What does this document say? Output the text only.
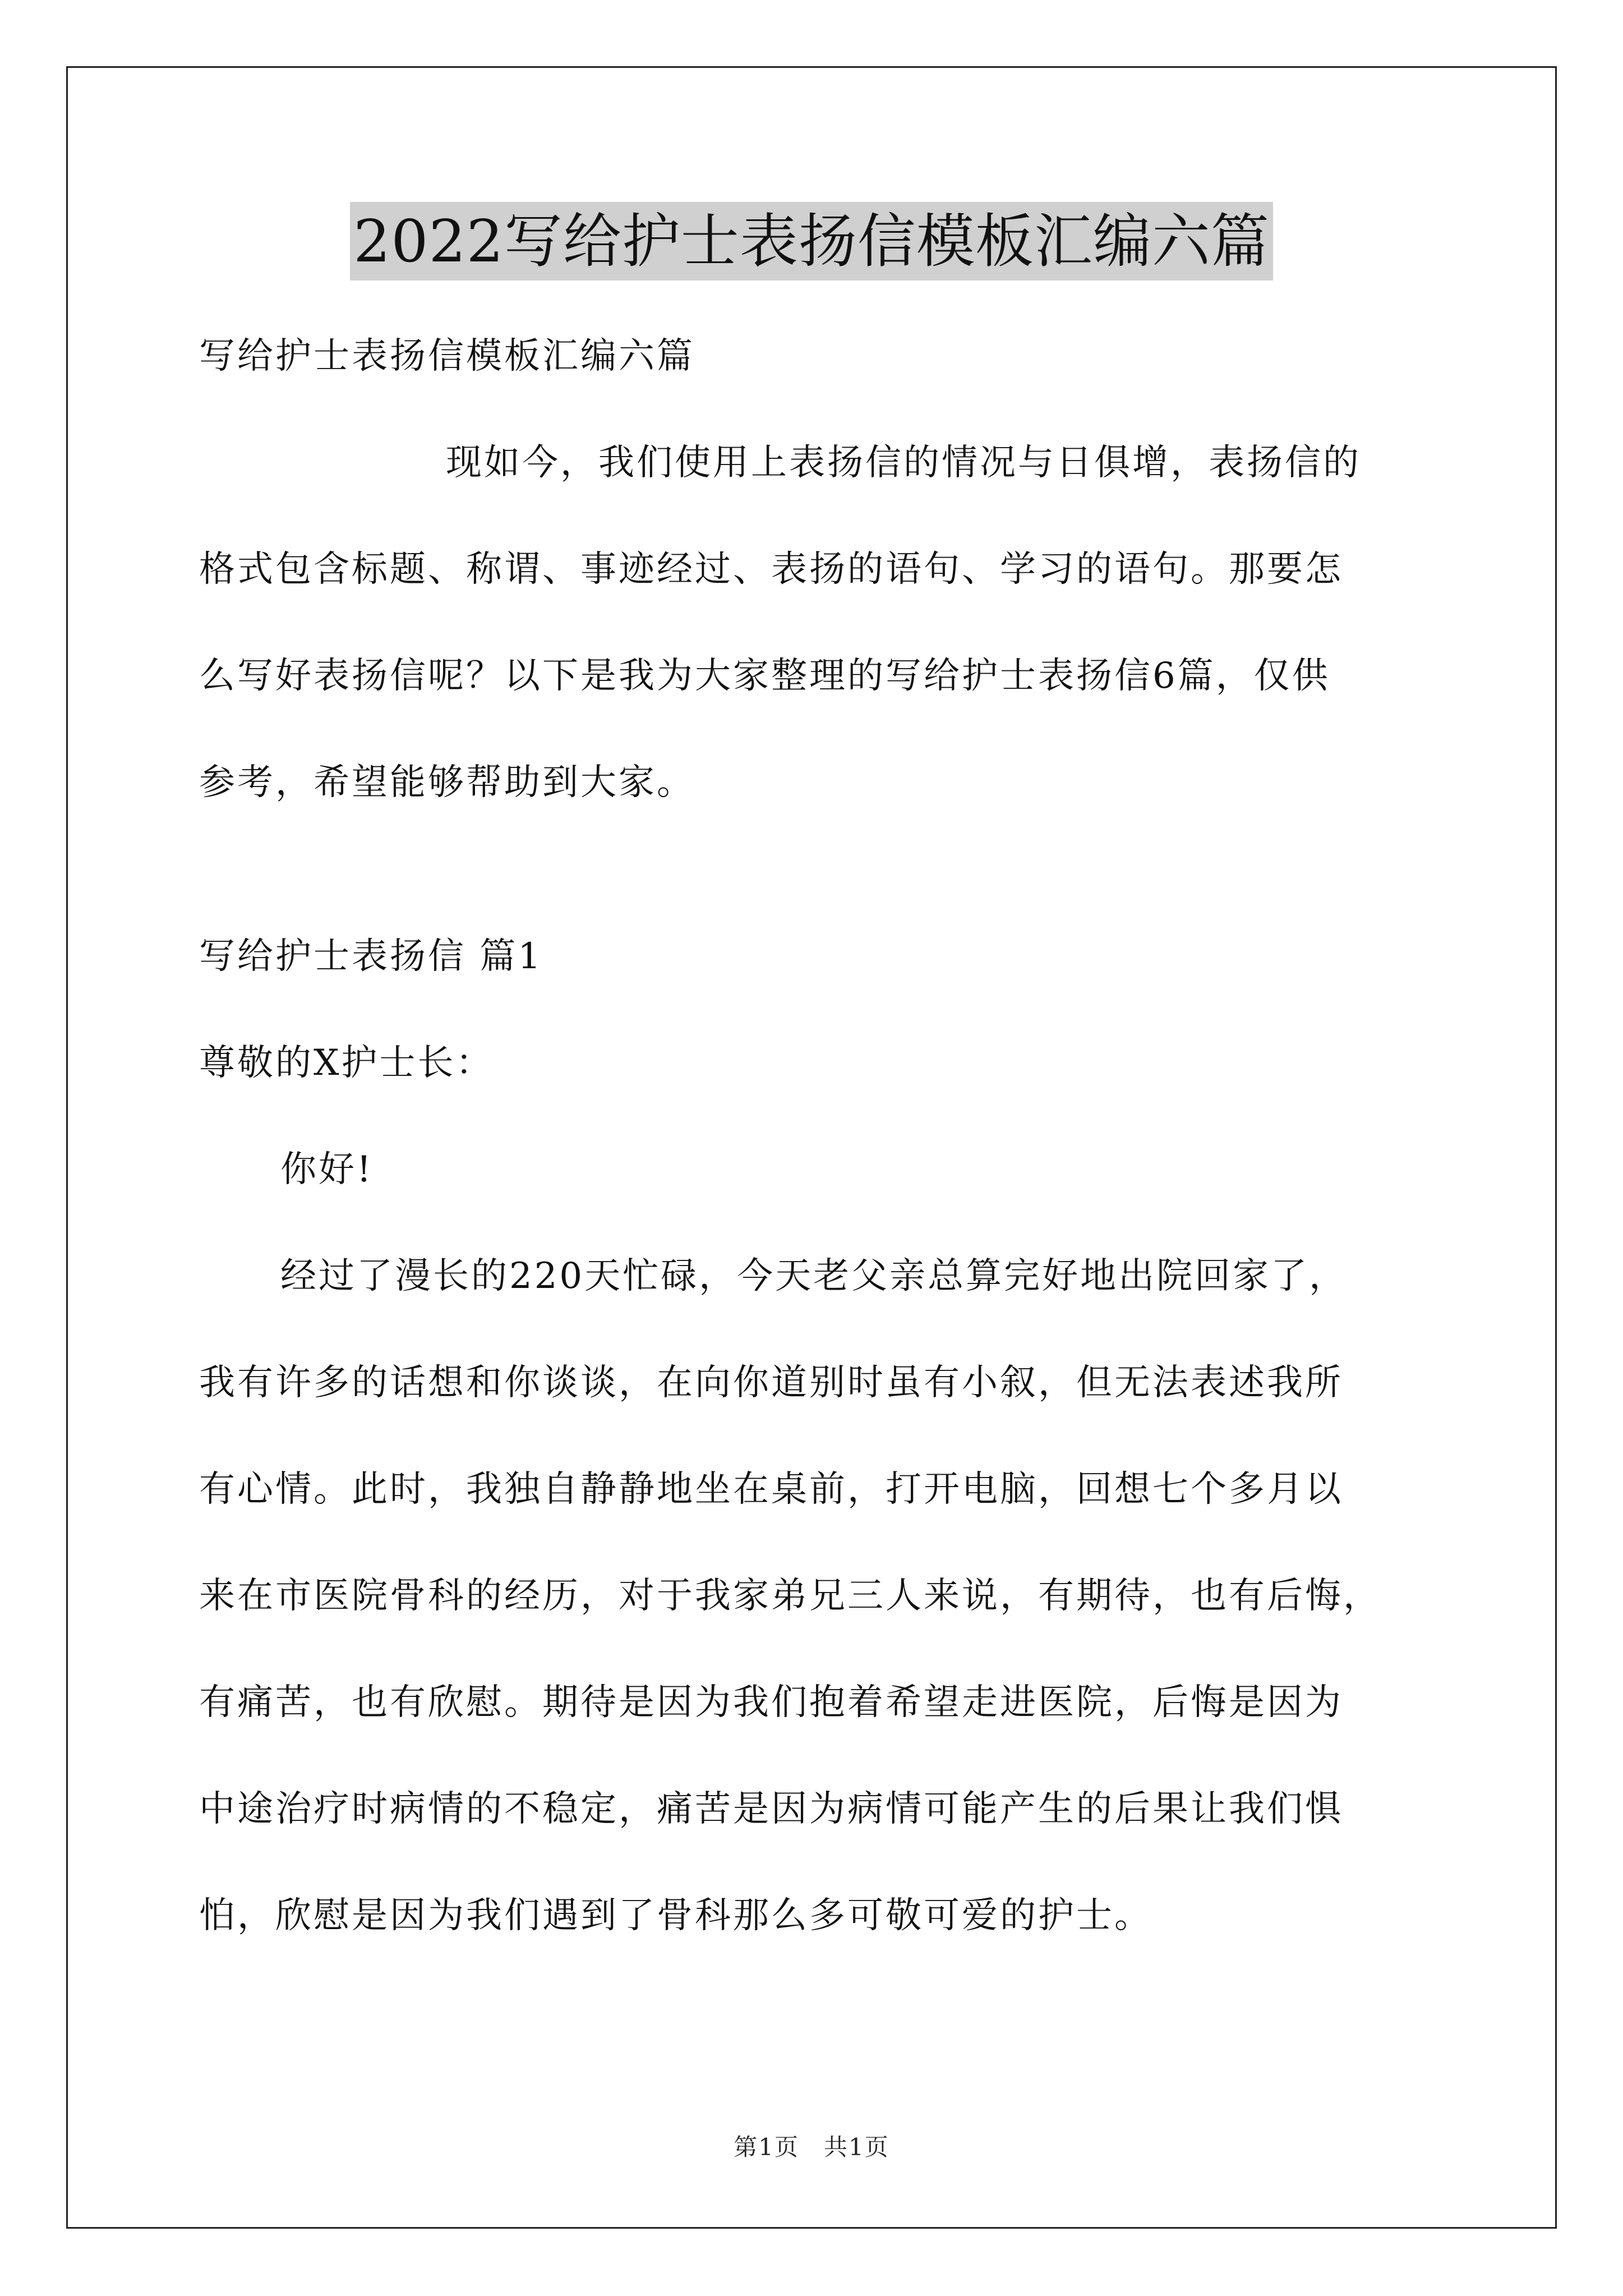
2022写给护士表扬信模板汇编六篇
写给护士表扬信模板汇编六篇
现如今，我们使用上表扬信的情况与日俱增，表扬信的
格式包含标题、称谓、事迹经过、表扬的语句、学习的语句。那要怎
么写好表扬信呢？以下是我为大家整理的写给护士表扬信6篇，仅供
参考，希望能够帮助到大家。
写给护士表扬信 篇1
尊敬的X护士长：
你好!
经过了漫长的220天忙碌，今天老父亲总算完好地出院回家了，
我有许多的话想和你谈谈，在向你道别时虽有小叙，但无法表述我所
有心情。此时，我独自静静地坐在桌前，打开电脑，回想七个多月以
来在市医院骨科的经历，对于我家弟兄三人来说，有期待，也有后悔，
有痛苦，也有欣慰。期待是因为我们抱着希望走进医院，后悔是因为
中途治疗时病情的不稳定，痛苦是因为病情可能产生的后果让我们惧
怕，欣慰是因为我们遇到了骨科那么多可敬可爱的护士。
第1页　共1页
